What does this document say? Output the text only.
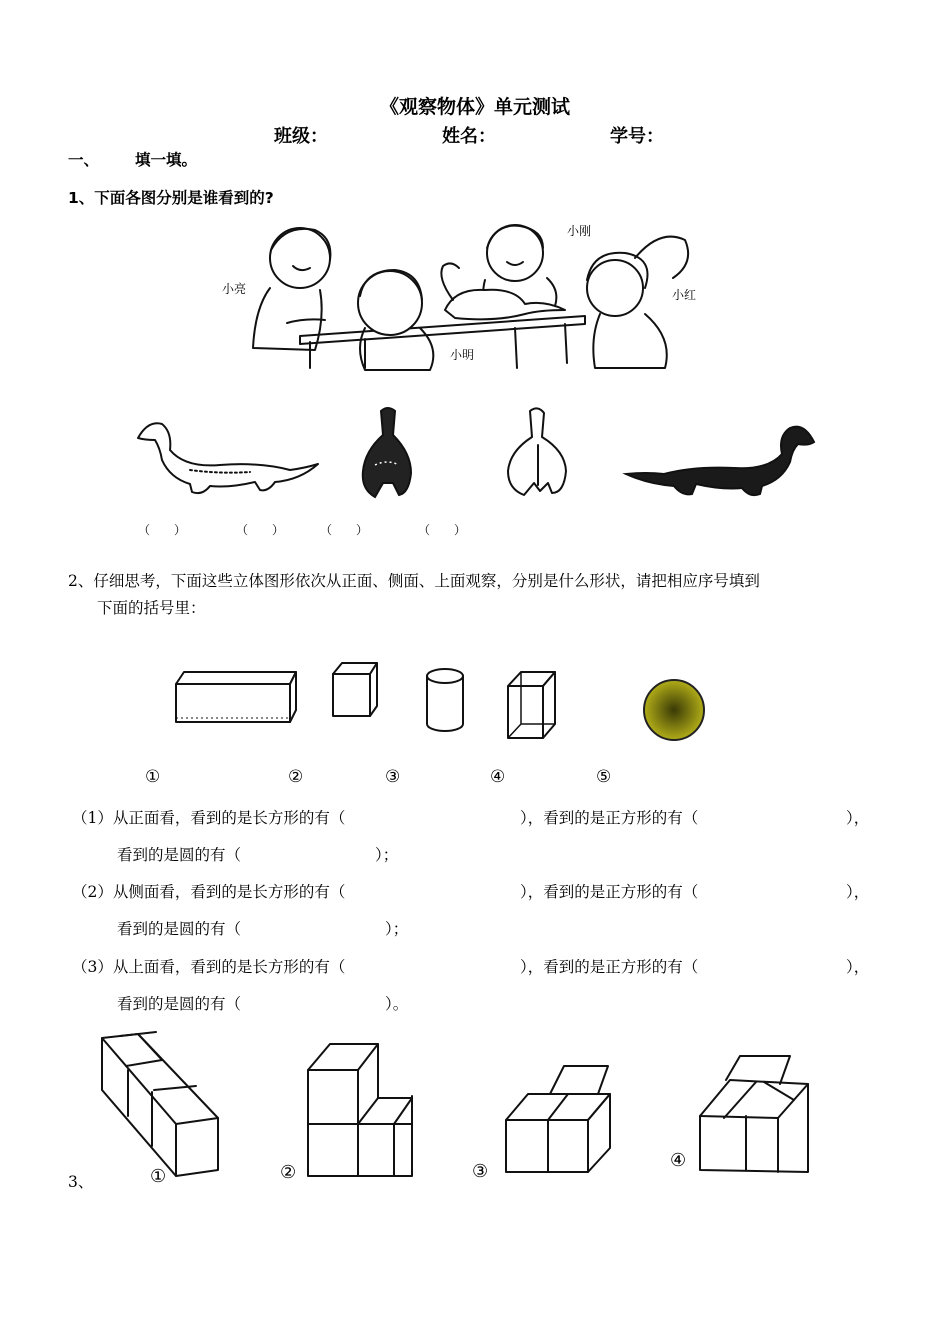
《观察物体》单元测试
班级：	姓名：	学号：
一、 填一填。
1、下面各图分别是谁看到的?
小刚
小亮	小红
小明
（　　）	（　　）	（　　）	（　　）
2、仔细思考，下面这些立体图形依次从正面、侧面、上面观察，分别是什么形状，请把相应序号填到
下面的括号里：
①	②	③	④	⑤
（1）从正面看，看到的是长方形的有（	），看到的是正方形的有（	），
看到的是圆的有（	）；
（2）从侧面看，看到的是长方形的有（	），看到的是正方形的有（	），
看到的是圆的有（	）；
（3）从上面看，看到的是长方形的有（	），看到的是正方形的有（	），
看到的是圆的有（	）。
①	②	③
④
3、
